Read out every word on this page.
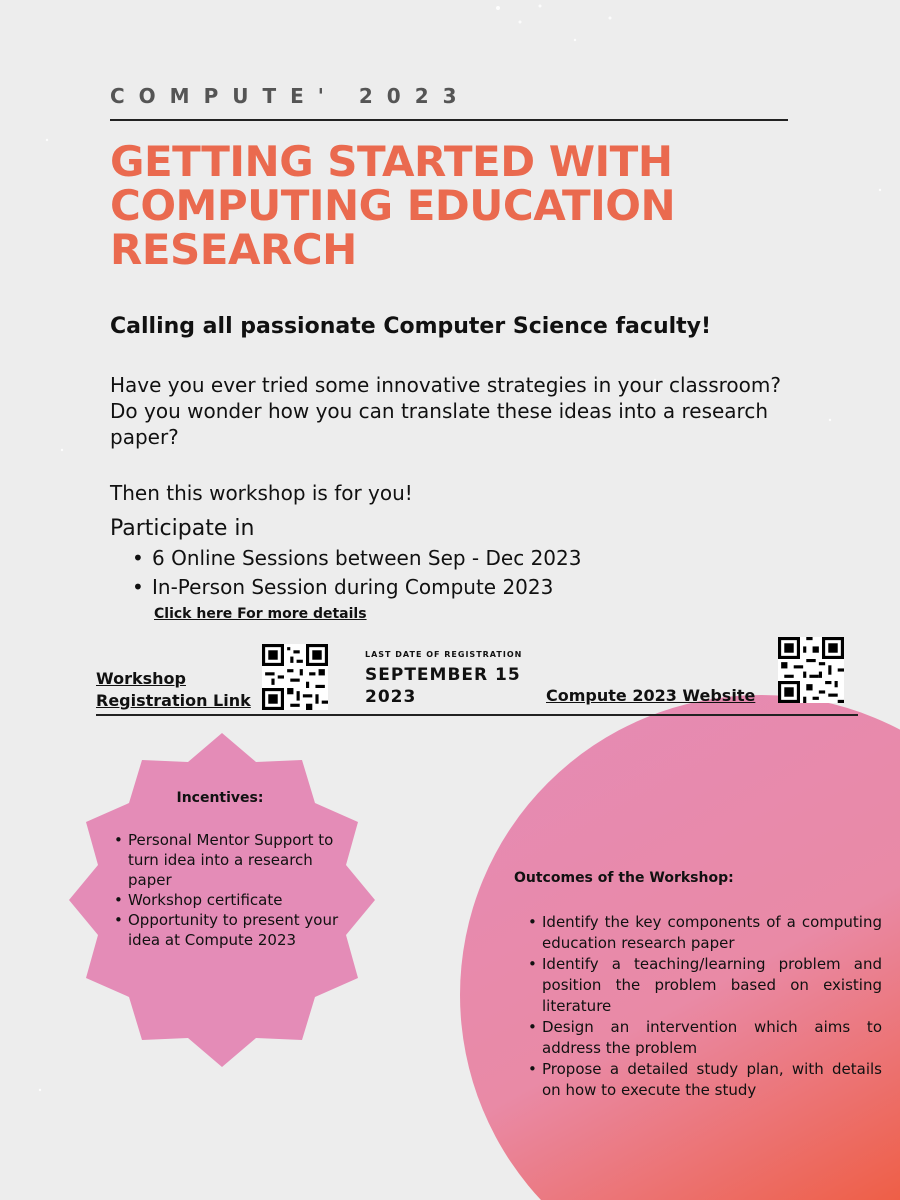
COMPUTE' 2023
GETTING STARTED WITH
COMPUTING EDUCATION
RESEARCH
Calling all passionate Computer Science faculty!
Have you ever tried some innovative strategies in your classroom?
Do you wonder how you can translate these ideas into a research
paper?
Then this workshop is for you!
Participate in
• 6 Online Sessions between Sep - Dec 2023
• In-Person Session during Compute 2023
Click here For more details
Workshop
Registration Link
LAST DATE OF REGISTRATION
SEPTEMBER 15
2023	Compute 2023 Website
Incentives:
• Personal Mentor Support to turn idea into a research paper
• Workshop certificate
• Opportunity to present your idea at Compute 2023
Outcomes of the Workshop:
• Identify the key components of a computing education research paper
• Identify a teaching/learning problem and position the problem based on existing literature
• Design an intervention which aims to address the problem
• Propose a detailed study plan, with details on how to execute the study
